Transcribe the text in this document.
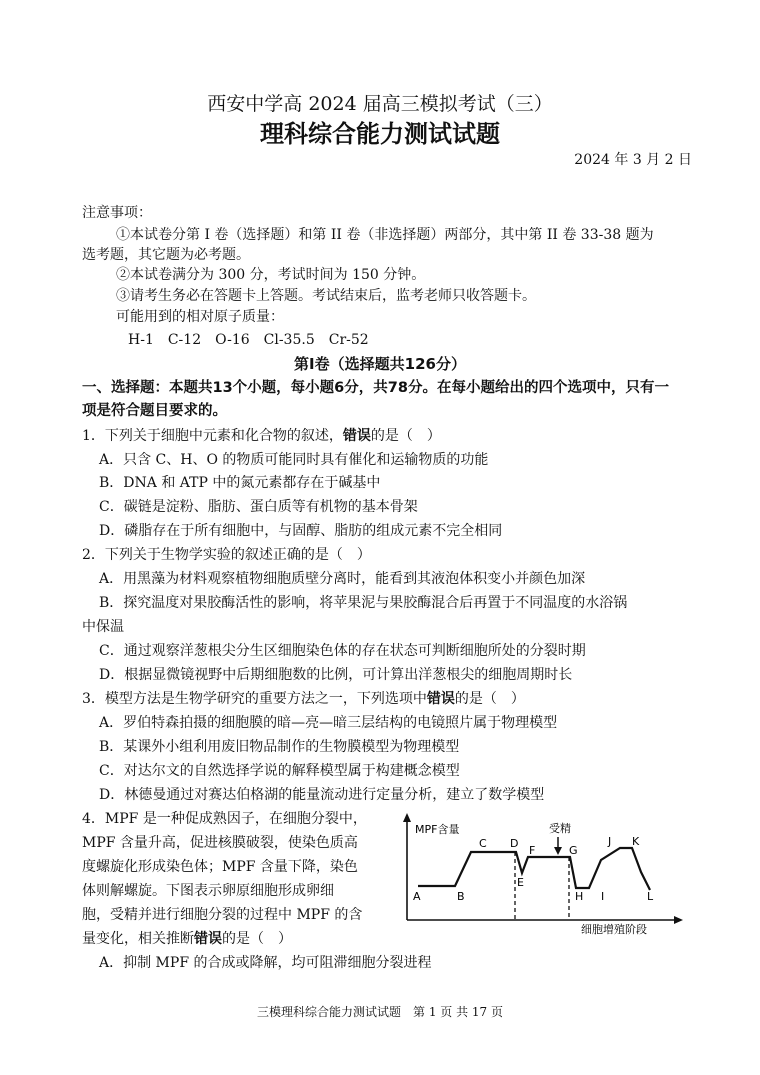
西安中学高 2024 届高三模拟考试（三）
理科综合能力测试试题
2024 年 3 月 2 日
注意事项：
①本试卷分第 I 卷（选择题）和第 II 卷（非选择题）两部分，其中第 II 卷 33-38 题为
选考题，其它题为必考题。
②本试卷满分为 300 分，考试时间为 150 分钟。
③请考生务必在答题卡上答题。考试结束后，监考老师只收答题卡。
可能用到的相对原子质量：
H-1　C-12　O-16　Cl-35.5　Cr-52
第Ⅰ卷（选择题共126分）
一、选择题：本题共13个小题，每小题6分，共78分。在每小题给出的四个选项中，只有一
项是符合题目要求的。
1．下列关于细胞中元素和化合物的叙述，错误的是（　）
A．只含 C、H、O 的物质可能同时具有催化和运输物质的功能
B．DNA 和 ATP 中的氮元素都存在于碱基中
C．碳链是淀粉、脂肪、蛋白质等有机物的基本骨架
D．磷脂存在于所有细胞中，与固醇、脂肪的组成元素不完全相同
2．下列关于生物学实验的叙述正确的是（　）
A．用黑藻为材料观察植物细胞质壁分离时，能看到其液泡体积变小并颜色加深
B．探究温度对果胶酶活性的影响，将苹果泥与果胶酶混合后再置于不同温度的水浴锅
中保温
C．通过观察洋葱根尖分生区细胞染色体的存在状态可判断细胞所处的分裂时期
D．根据显微镜视野中后期细胞数的比例，可计算出洋葱根尖的细胞周期时长
3．模型方法是生物学研究的重要方法之一，下列选项中错误的是（　）
A．罗伯特森拍摄的细胞膜的暗—亮—暗三层结构的电镜照片属于物理模型
B．某课外小组利用废旧物品制作的生物膜模型为物理模型
C．对达尔文的自然选择学说的解释模型属于构建概念模型
D．林德曼通过对赛达伯格湖的能量流动进行定量分析，建立了数学模型
4．MPF 是一种促成熟因子，在细胞分裂中，
MPF 含量升高，促进核膜破裂，使染色质高
度螺旋化形成染色体；MPF 含量下降，染色
体则解螺旋。下图表示卵原细胞形成卵细
胞，受精并进行细胞分裂的过程中 MPF 的含
量变化，相关推断错误的是（　）
A．抑制 MPF 的合成或降解，均可阻滞细胞分裂进程
MPF含量
细胞增殖阶段
受精
A	B
C D
E
F	G
H I
J K
L
三模理科综合能力测试试题　第 1 页 共 17 页
